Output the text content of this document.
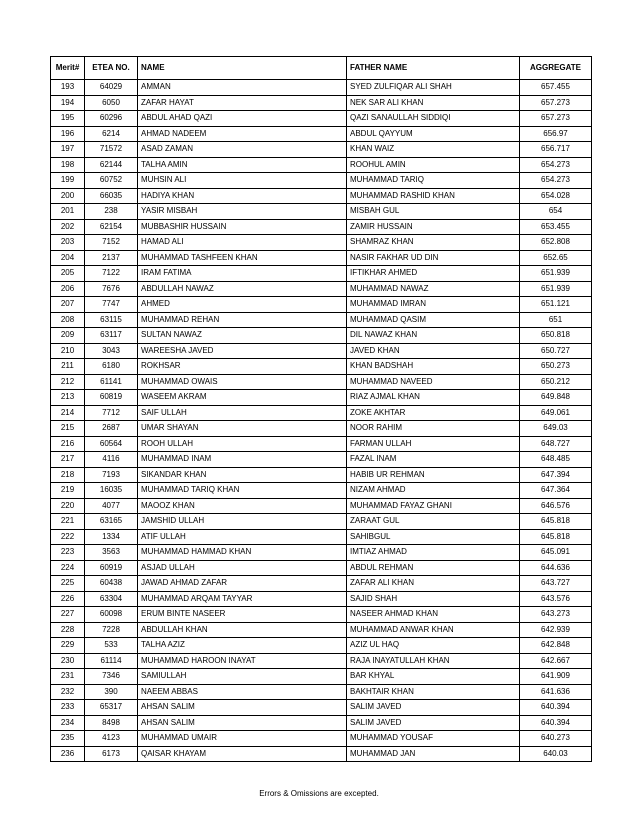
Merit#	ETEA NO.	NAME	FATHER NAME	AGGREGATE
193	64029	AMMAN	SYED ZULFIQAR ALI SHAH	657.455
194	6050	ZAFAR HAYAT	NEK SAR ALI KHAN	657.273
195	60296	ABDUL AHAD QAZI	QAZI SANAULLAH SIDDIQI	657.273
196	6214	AHMAD NADEEM	ABDUL QAYYUM	656.97
197	71572	ASAD ZAMAN	KHAN WAIZ	656.717
198	62144	TALHA AMIN	ROOHUL AMIN	654.273
199	60752	MUHSIN ALI	MUHAMMAD TARIQ	654.273
200	66035	HADIYA KHAN	MUHAMMAD RASHID KHAN	654.028
201	238	YASIR MISBAH	MISBAH GUL	654
202	62154	MUBBASHIR HUSSAIN	ZAMIR HUSSAIN	653.455
203	7152	HAMAD ALI	SHAMRAZ KHAN	652.808
204	2137	MUHAMMAD TASHFEEN KHAN	NASIR FAKHAR UD DIN	652.65
205	7122	IRAM FATIMA	IFTIKHAR AHMED	651.939
206	7676	ABDULLAH NAWAZ	MUHAMMAD NAWAZ	651.939
207	7747	AHMED	MUHAMMAD IMRAN	651.121
208	63115	MUHAMMAD REHAN	MUHAMMAD QASIM	651
209	63117	SULTAN NAWAZ	DIL NAWAZ KHAN	650.818
210	3043	WAREESHA JAVED	JAVED KHAN	650.727
211	6180	ROKHSAR	KHAN BADSHAH	650.273
212	61141	MUHAMMAD OWAIS	MUHAMMAD NAVEED	650.212
213	60819	WASEEM AKRAM	RIAZ AJMAL KHAN	649.848
214	7712	SAIF ULLAH	ZOKE AKHTAR	649.061
215	2687	UMAR SHAYAN	NOOR RAHIM	649.03
216	60564	ROOH ULLAH	FARMAN ULLAH	648.727
217	4116	MUHAMMAD INAM	FAZAL INAM	648.485
218	7193	SIKANDAR KHAN	HABIB UR REHMAN	647.394
219	16035	MUHAMMAD TARIQ KHAN	NIZAM AHMAD	647.364
220	4077	MAOOZ KHAN	MUHAMMAD FAYAZ GHANI	646.576
221	63165	JAMSHID ULLAH	ZARAAT GUL	645.818
222	1334	ATIF ULLAH	SAHIBGUL	645.818
223	3563	MUHAMMAD HAMMAD KHAN	IMTIAZ AHMAD	645.091
224	60919	ASJAD ULLAH	ABDUL REHMAN	644.636
225	60438	JAWAD AHMAD ZAFAR	ZAFAR ALI KHAN	643.727
226	63304	MUHAMMAD ARQAM TAYYAR	SAJID SHAH	643.576
227	60098	ERUM BINTE NASEER	NASEER AHMAD KHAN	643.273
228	7228	ABDULLAH KHAN	MUHAMMAD ANWAR KHAN	642.939
229	533	TALHA AZIZ	AZIZ UL HAQ	642.848
230	61114	MUHAMMAD HAROON INAYAT	RAJA INAYATULLAH KHAN	642.667
231	7346	SAMIULLAH	BAR KHYAL	641.909
232	390	NAEEM ABBAS	BAKHTAIR KHAN	641.636
233	65317	AHSAN SALIM	SALIM JAVED	640.394
234	8498	AHSAN SALIM	SALIM JAVED	640.394
235	4123	MUHAMMAD UMAIR	MUHAMMAD YOUSAF	640.273
236	6173	QAISAR KHAYAM	MUHAMMAD JAN	640.03
Errors & Omissions are excepted.
